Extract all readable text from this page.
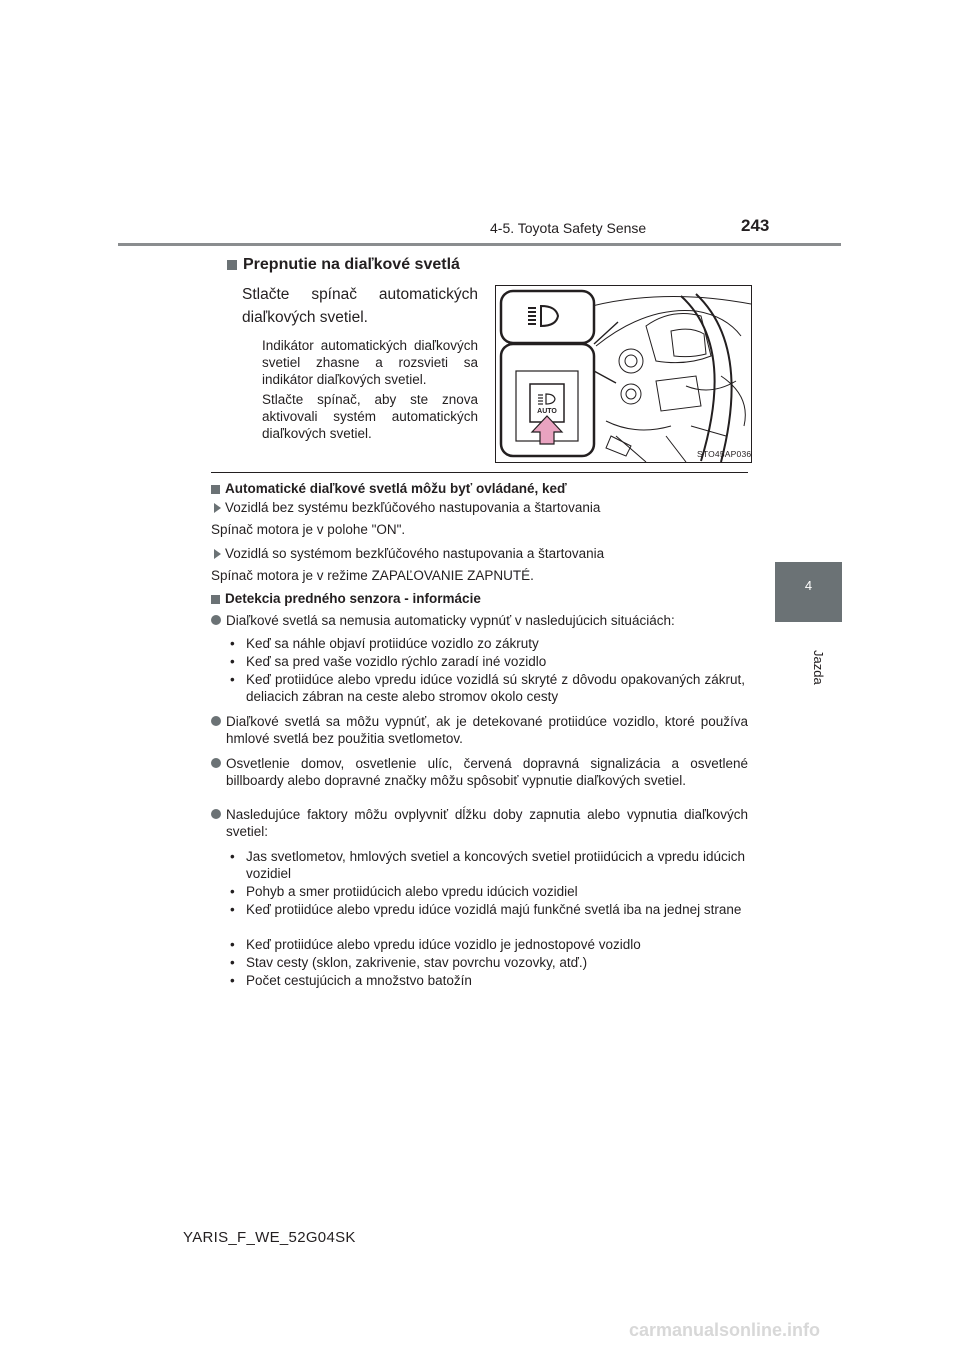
4-5. Toyota Safety Sense	243
4
Jazda
Prepnutie na diaľkové svetlá
Stlačte spínač automatických diaľkových svetiel.
Indikátor automatických diaľkových svetiel zhasne a rozsvieti sa indikátor diaľkových svetiel.
Stlačte spínač, aby ste znova aktivovali systém automatických diaľkových svetiel.
AUTO
STO45AP036
Automatické diaľkové svetlá môžu byť ovládané, keď
Vozidlá bez systému bezkľúčového nastupovania a štartovania
Spínač motora je v polohe "ON".
Vozidlá so systémom bezkľúčového nastupovania a štartovania
Spínač motora je v režime ZAPAĽOVANIE ZAPNUTÉ.
Detekcia predného senzora - informácie
Diaľkové svetlá sa nemusia automaticky vypnúť v nasledujúcich situáciách:
• Keď sa náhle objaví protiidúce vozidlo zo zákruty
• Keď sa pred vaše vozidlo rýchlo zaradí iné vozidlo
• Keď protiidúce alebo vpredu idúce vozidlá sú skryté z dôvodu opakovaných zákrut, deliacich zábran na ceste alebo stromov okolo cesty
Diaľkové svetlá sa môžu vypnúť, ak je detekované protiidúce vozidlo, ktoré používa hmlové svetlá bez použitia svetlometov.
Osvetlenie domov, osvetlenie ulíc, červená dopravná signalizácia a osvetlené billboardy alebo dopravné značky môžu spôsobiť vypnutie diaľkových svetiel.
Nasledujúce faktory môžu ovplyvniť dĺžku doby zapnutia alebo vypnutia diaľkových svetiel:
• Jas svetlometov, hmlových svetiel a koncových svetiel protiidúcich a vpredu idúcich vozidiel
• Pohyb a smer protiidúcich alebo vpredu idúcich vozidiel
• Keď protiidúce alebo vpredu idúce vozidlá majú funkčné svetlá iba na jednej strane
• Keď protiidúce alebo vpredu idúce vozidlo je jednostopové vozidlo
• Stav cesty (sklon, zakrivenie, stav povrchu vozovky, atď.)
• Počet cestujúcich a množstvo batožín
YARIS_F_WE_52G04SK
carmanualsonline.info
